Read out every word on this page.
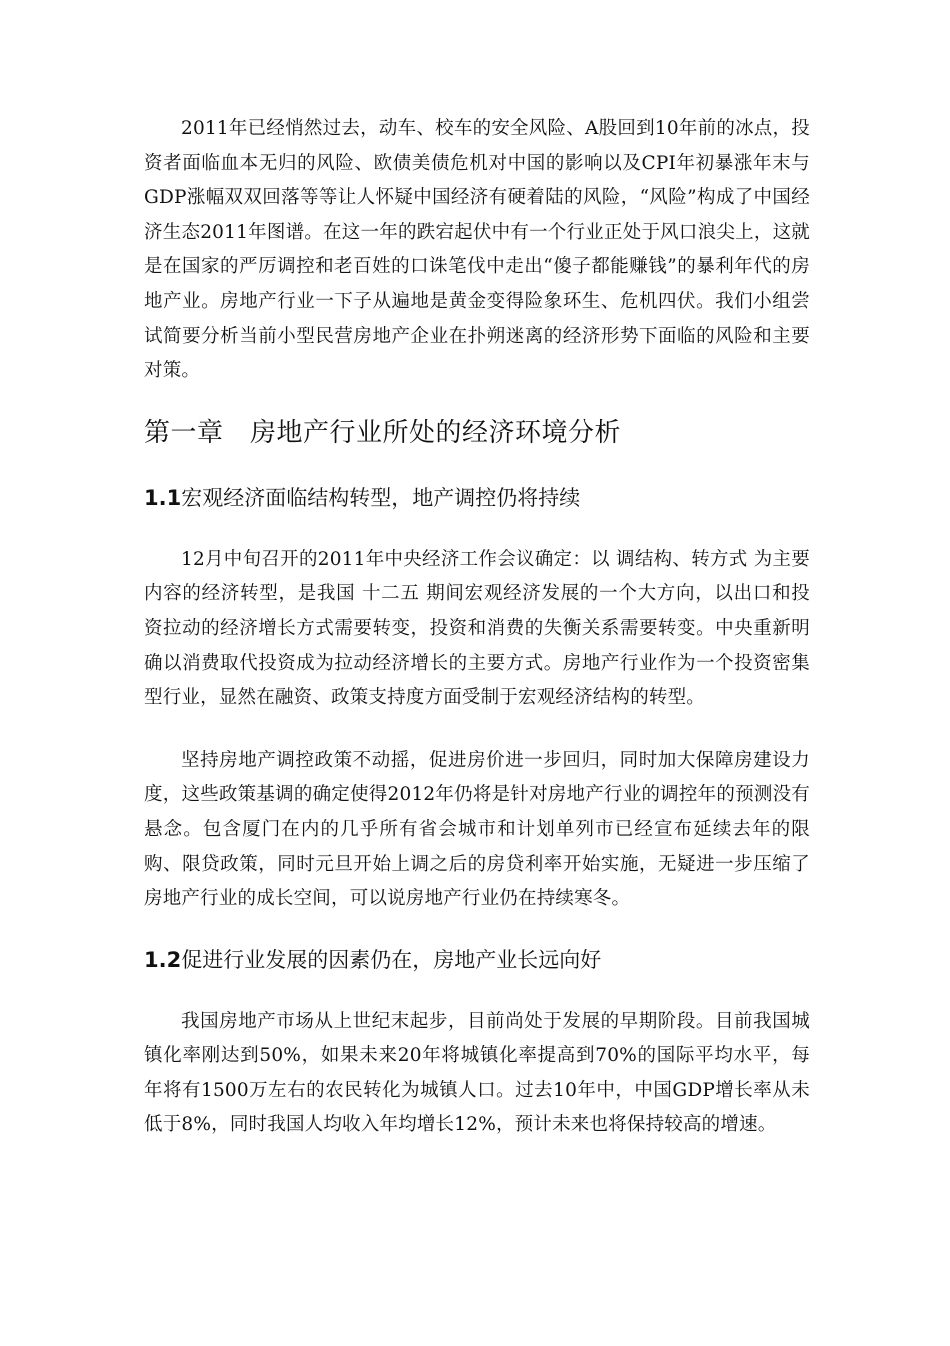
2011年已经悄然过去，动车、校车的安全风险、A股回到10年前的冰点，投资者面临血本无归的风险、欧债美债危机对中国的影响以及CPI年初暴涨年末与GDP涨幅双双回落等等让人怀疑中国经济有硬着陆的风险，“风险”构成了中国经济生态2011年图谱。在这一年的跌宕起伏中有一个行业正处于风口浪尖上，这就是在国家的严厉调控和老百姓的口诛笔伐中走出“傻子都能赚钱”的暴利年代的房地产业。房地产行业一下子从遍地是黄金变得险象环生、危机四伏。我们小组尝试简要分析当前小型民营房地产企业在扑朔迷离的经济形势下面临的风险和主要对策。

第一章　房地产行业所处的经济环境分析
1.1宏观经济面临结构转型，地产调控仍将持续

12月中旬召开的2011年中央经济工作会议确定：以 调结构、转方式 为主要内容的经济转型，是我国 十二五 期间宏观经济发展的一个大方向，以出口和投资拉动的经济增长方式需要转变，投资和消费的失衡关系需要转变。中央重新明确以消费取代投资成为拉动经济增长的主要方式。房地产行业作为一个投资密集型行业，显然在融资、政策支持度方面受制于宏观经济结构的转型。

坚持房地产调控政策不动摇，促进房价进一步回归，同时加大保障房建设力度，这些政策基调的确定使得2012年仍将是针对房地产行业的调控年的预测没有悬念。包含厦门在内的几乎所有省会城市和计划单列市已经宣布延续去年的限购、限贷政策，同时元旦开始上调之后的房贷利率开始实施，无疑进一步压缩了房地产行业的成长空间，可以说房地产行业仍在持续寒冬。

1.2促进行业发展的因素仍在，房地产业长远向好

我国房地产市场从上世纪末起步，目前尚处于发展的早期阶段。目前我国城镇化率刚达到50%，如果未来20年将城镇化率提高到70%的国际平均水平，每年将有1500万左右的农民转化为城镇人口。过去10年中，中国GDP增长率从未低于8%，同时我国人均收入年均增长12%，预计未来也将保持较高的增速。
